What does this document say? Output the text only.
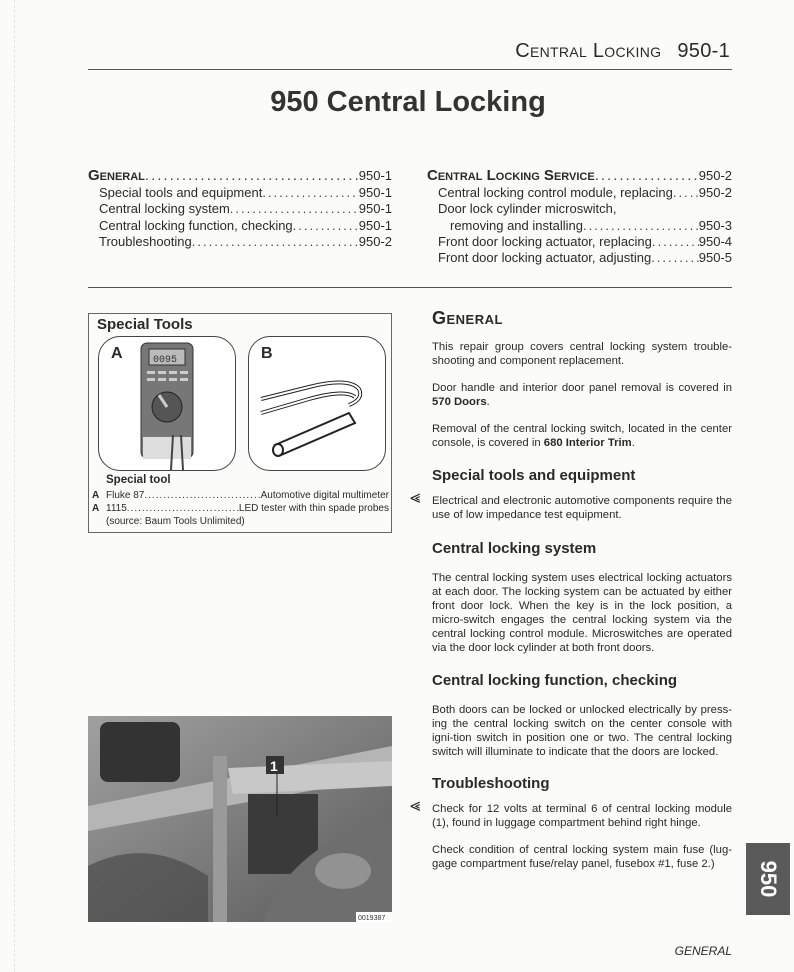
Central Locking 950-1
950 Central Locking
General .....	950-1
Special tools and equipment .....	950-1
Central locking system .....	950-1
Central locking function, checking .....	950-1
Troubleshooting .....	950-2
Central Locking Service .....	950-2
Central locking control module, replacing ..... 950-2
Door lock cylinder microswitch,
removing and installing .....	950-3
Front door locking actuator, replacing .....	950-4
Front door locking actuator, adjusting .....	950-5
Special Tools
A	0095	B
Special tool
A Fluke 87 .....	Automotive digital multimeter
A 1115 .....	LED tester with thin spade probes
(source: Baum Tools Unlimited)
General

This repair group covers central locking system trouble-shooting and component replacement.

Door handle and interior door panel removal is covered in 570 Doors.

Removal of the central locking switch, located in the center console, is covered in 680 Interior Trim.

Special tools and equipment
⪡ Electrical and electronic automotive components require the use of low impedance test equipment.
Central locking system
The central locking system uses electrical locking actuators at each door. The locking system can be actuated by either front door lock. When the key is in the lock position, a micro-switch engages the central locking system via the central locking control module. Microswitches are operated via the door lock cylinder at both front doors.
Central locking function, checking
Both doors can be locked or unlocked electrically by press-ing the central locking switch on the center console with igni-tion switch in position one or two. The central locking switch will illuminate to indicate that the doors are locked.
Troubleshooting
⪡ Check for 12 volts at terminal 6 of central locking module (1), found in luggage compartment behind right hinge.

Check condition of central locking system main fuse (lug-gage compartment fuse/relay panel, fusebox #1, fuse 2.)

1
0019387
950
GENERAL
